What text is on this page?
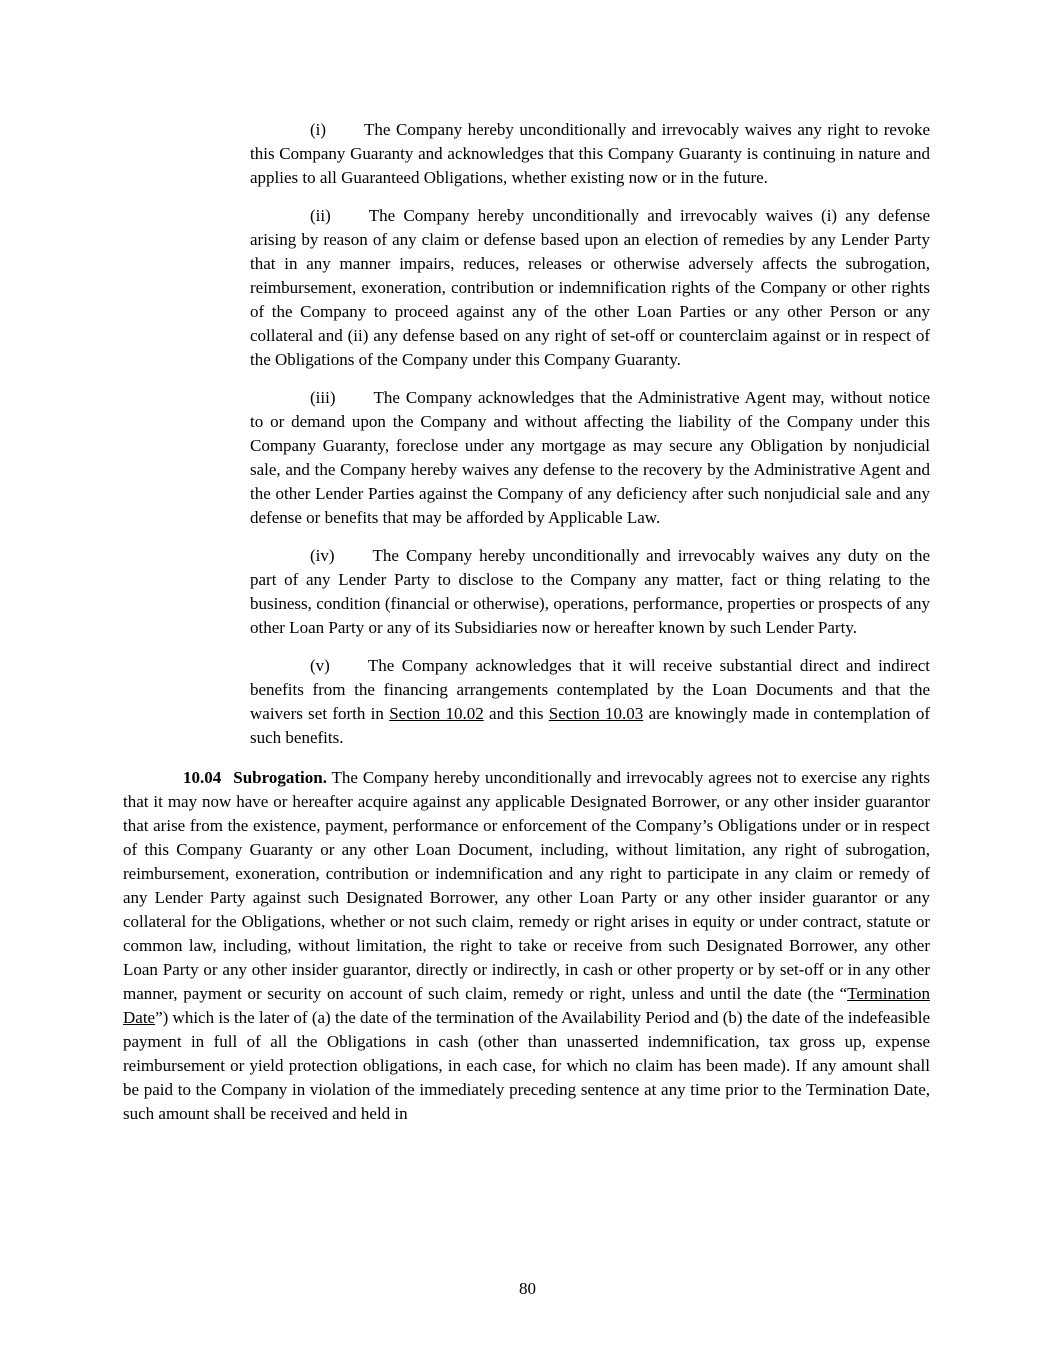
(i) The Company hereby unconditionally and irrevocably waives any right to revoke this Company Guaranty and acknowledges that this Company Guaranty is continuing in nature and applies to all Guaranteed Obligations, whether existing now or in the future.

(ii) The Company hereby unconditionally and irrevocably waives (i) any defense arising by reason of any claim or defense based upon an election of remedies by any Lender Party that in any manner impairs, reduces, releases or otherwise adversely affects the subrogation, reimbursement, exoneration, contribution or indemnification rights of the Company or other rights of the Company to proceed against any of the other Loan Parties or any other Person or any collateral and (ii) any defense based on any right of set-off or counterclaim against or in respect of the Obligations of the Company under this Company Guaranty.

(iii) The Company acknowledges that the Administrative Agent may, without notice to or demand upon the Company and without affecting the liability of the Company under this Company Guaranty, foreclose under any mortgage as may secure any Obligation by nonjudicial sale, and the Company hereby waives any defense to the recovery by the Administrative Agent and the other Lender Parties against the Company of any deficiency after such nonjudicial sale and any defense or benefits that may be afforded by Applicable Law.

(iv) The Company hereby unconditionally and irrevocably waives any duty on the part of any Lender Party to disclose to the Company any matter, fact or thing relating to the business, condition (financial or otherwise), operations, performance, properties or prospects of any other Loan Party or any of its Subsidiaries now or hereafter known by such Lender Party.

(v) The Company acknowledges that it will receive substantial direct and indirect benefits from the financing arrangements contemplated by the Loan Documents and that the waivers set forth in Section 10.02 and this Section 10.03 are knowingly made in contemplation of such benefits.

10.04 Subrogation. The Company hereby unconditionally and irrevocably agrees not to exercise any rights that it may now have or hereafter acquire against any applicable Designated Borrower, or any other insider guarantor that arise from the existence, payment, performance or enforcement of the Company’s Obligations under or in respect of this Company Guaranty or any other Loan Document, including, without limitation, any right of subrogation, reimbursement, exoneration, contribution or indemnification and any right to participate in any claim or remedy of any Lender Party against such Designated Borrower, any other Loan Party or any other insider guarantor or any collateral for the Obligations, whether or not such claim, remedy or right arises in equity or under contract, statute or common law, including, without limitation, the right to take or receive from such Designated Borrower, any other Loan Party or any other insider guarantor, directly or indirectly, in cash or other property or by set-off or in any other manner, payment or security on account of such claim, remedy or right, unless and until the date (the “Termination Date”) which is the later of (a) the date of the termination of the Availability Period and (b) the date of the indefeasible payment in full of all the Obligations in cash (other than unasserted indemnification, tax gross up, expense reimbursement or yield protection obligations, in each case, for which no claim has been made). If any amount shall be paid to the Company in violation of the immediately preceding sentence at any time prior to the Termination Date, such amount shall be received and held in

80
